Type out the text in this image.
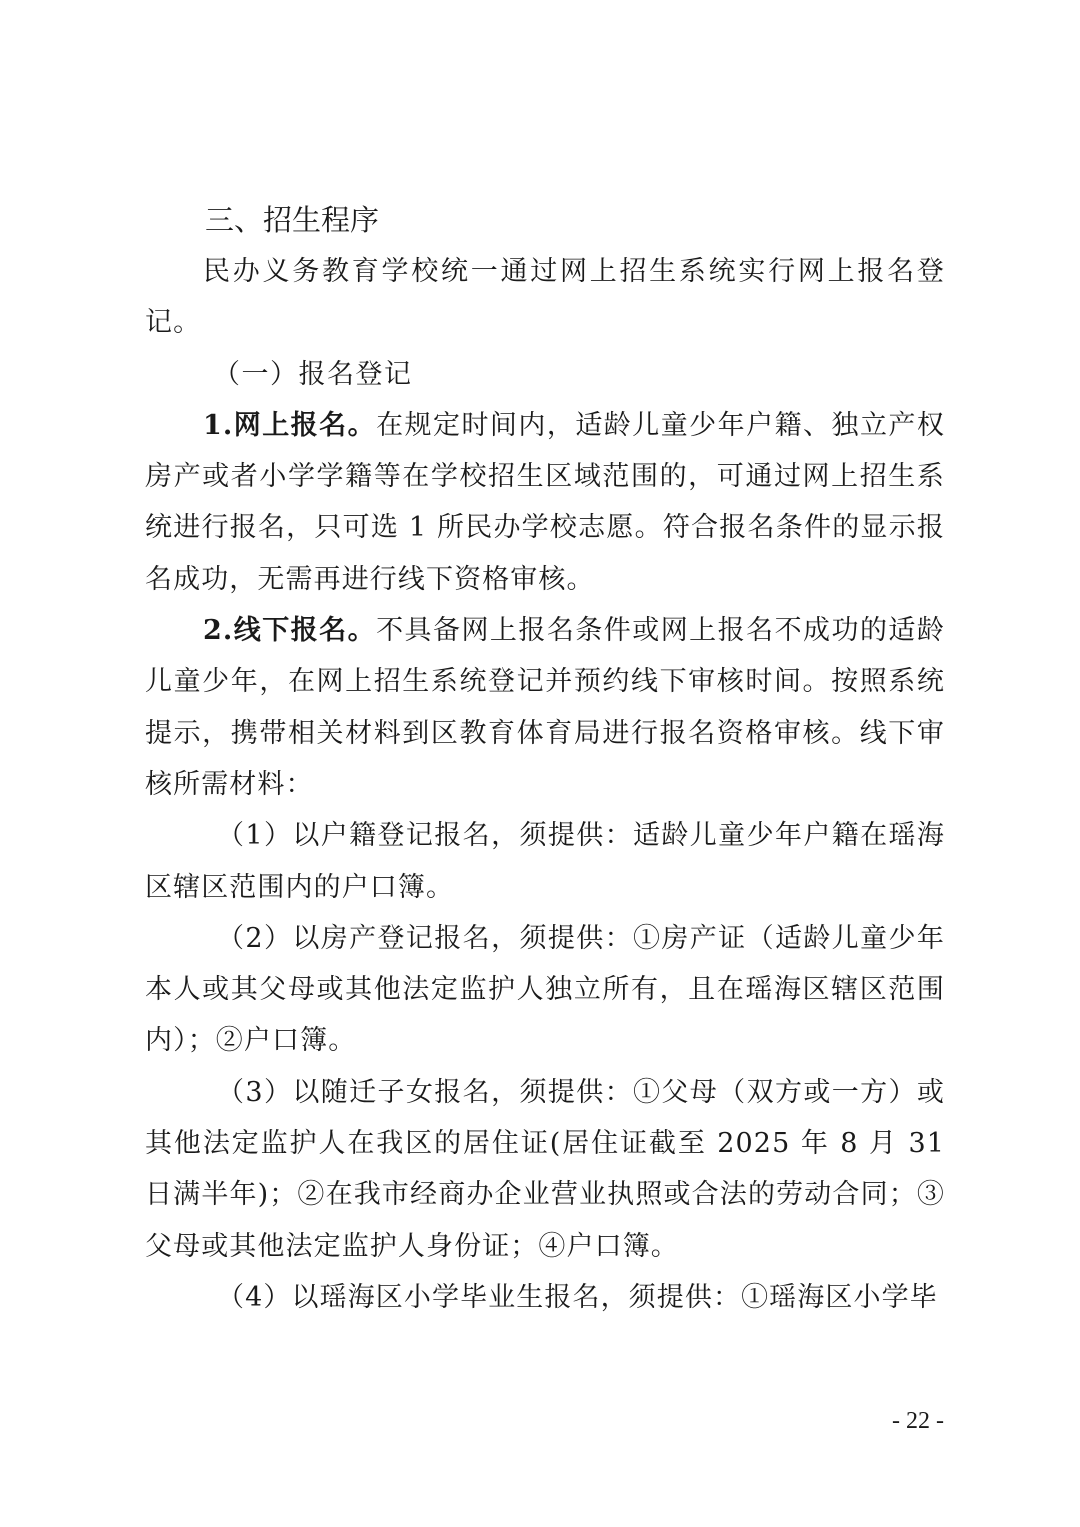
三、招生程序

民办义务教育学校统一通过网上招生系统实行网上报名登记。

（一）报名登记

1.网上报名。在规定时间内，适龄儿童少年户籍、独立产权房产或者小学学籍等在学校招生区域范围的，可通过网上招生系统进行报名，只可选 1 所民办学校志愿。符合报名条件的显示报名成功，无需再进行线下资格审核。

2.线下报名。不具备网上报名条件或网上报名不成功的适龄儿童少年，在网上招生系统登记并预约线下审核时间。按照系统提示，携带相关材料到区教育体育局进行报名资格审核。线下审核所需材料：

（1）以户籍登记报名，须提供：适龄儿童少年户籍在瑶海区辖区范围内的户口簿。

（2）以房产登记报名，须提供：①房产证（适龄儿童少年本人或其父母或其他法定监护人独立所有，且在瑶海区辖区范围内）；②户口簿。

（3）以随迁子女报名，须提供：①父母（双方或一方）或其他法定监护人在我区的居住证(居住证截至 2025 年 8 月 31 日满半年)；②在我市经商办企业营业执照或合法的劳动合同；③父母或其他法定监护人身份证；④户口簿。

（4）以瑶海区小学毕业生报名，须提供：①瑶海区小学毕

- 22 -
